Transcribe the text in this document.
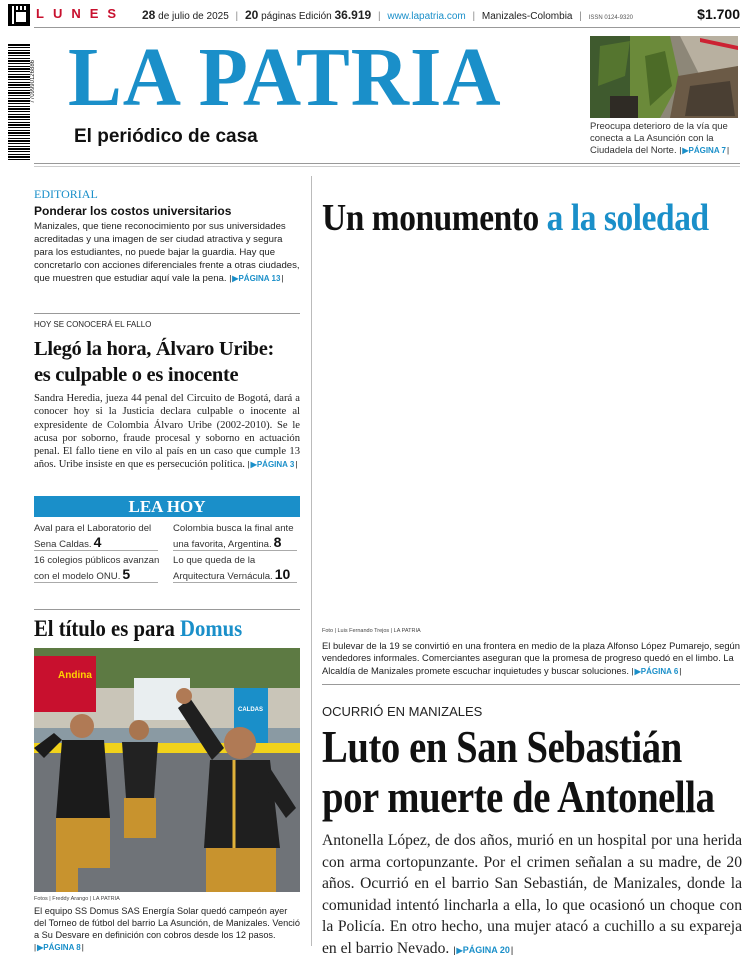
LUNES 28 de julio de 2025 | 20 páginas Edición 36.919 | www.lapatria.com | Manizales-Colombia | ISSN 0124-9320	$1.700
7709990126886 LA PATRIA
El periódico de casa	Preocupa deterioro de la vía que conecta a La Asunción con la Ciudadela del Norte. | ▶PÁGINA 7 |
EDITORIAL
Ponderar los costos universitarios
Manizales, que tiene reconocimiento por sus universidades acreditadas y una imagen de ser ciudad atractiva y segura para los estudiantes, no puede bajar la guardia. Hay que concretarlo con acciones diferenciales frente a otras ciudades, que muestren que estudiar aquí vale la pena. | ▶PÁGINA 13 |
HOY SE CONOCERÁ EL FALLO
Llegó la hora, Álvaro Uribe:
es culpable o es inocente
Sandra Heredia, jueza 44 penal del Circuito de Bogotá, dará a conocer hoy si la Justicia declara culpable o inocente al expresidente de Colombia Álvaro Uribe (2002-2010). Se le acusa por soborno, fraude procesal y soborno en actuación penal. El fallo tiene en vilo al país en un caso que cumple 13 años. Uribe insiste en que es persecución política. | ▶PÁGINA 3 |
LEA HOY
Aval para el Laboratorio del Sena Caldas. 4
16 colegios públicos avanzan con el modelo ONU. 5
Colombia busca la final ante una favorita, Argentina. 8
Lo que queda de la Arquitectura Vernácula. 10
El título es para Domus
Andina
CALDAS
Fotos | Freddy Arango | LA PATRIA
El equipo SS Domus SAS Energía Solar quedó campeón ayer del Torneo de fútbol del barrio La Asunción, de Manizales. Venció a Su Desvare en definición con cobros desde los 12 pasos. | ▶PÁGINA 8 |
Un monumento a la soledad
Foto | Luis Fernando Trejos | LA PATRIA
El bulevar de la 19 se convirtió en una frontera en medio de la plaza Alfonso López Pumarejo, según vendedores informales. Comerciantes aseguran que la promesa de progreso quedó en el limbo. La Alcaldía de Manizales promete escuchar inquietudes y buscar soluciones. | ▶PÁGINA 6 |
OCURRIÓ EN MANIZALES
Luto en San Sebastián
por muerte de Antonella
Antonella López, de dos años, murió en un hospital por una herida con arma cortopunzante. Por el crimen señalan a su madre, de 20 años. Ocurrió en el barrio San Sebastián, de Manizales, donde la comunidad intentó lincharla a ella, lo que ocasionó un choque con la Policía. En otro hecho, una mujer atacó a cuchillo a su expareja en el barrio Nevado. | ▶PÁGINA 20 |
